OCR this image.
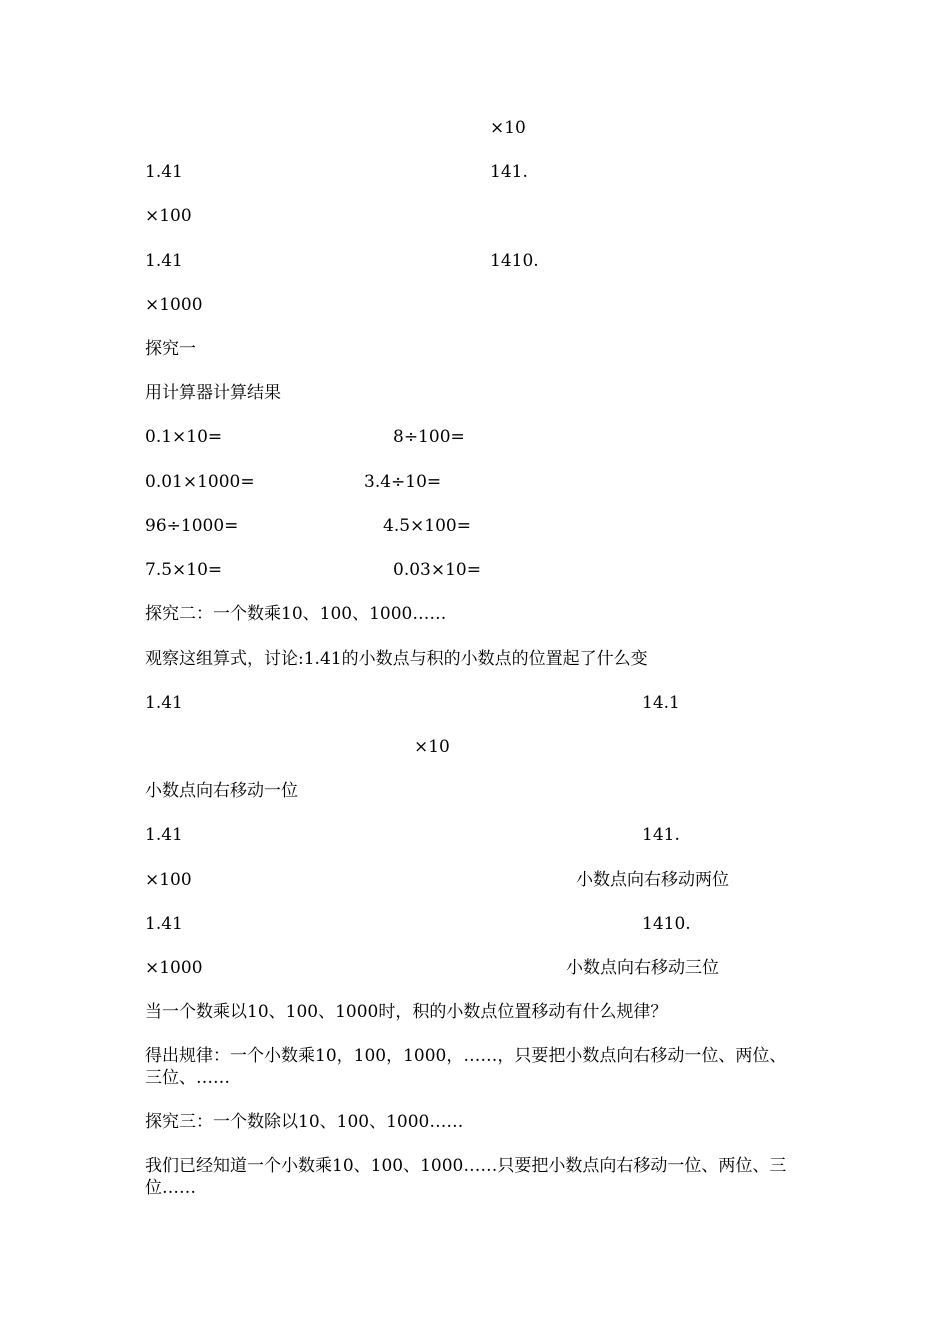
×10
1.41	141.
×100
1.41	1410.
×1000
探究一
用计算器计算结果
0.1×10=	8÷100=
0.01×1000=	3.4÷10=
96÷1000=	4.5×100=
7.5×10=	0.03×10=
探究二：一个数乘10、100、1000……
观察这组算式，讨论:1.41的小数点与积的小数点的位置起了什么变
1.41	14.1
×10
小数点向右移动一位
1.41	141.
×100	小数点向右移动两位
1.41	1410.
×1000	小数点向右移动三位
当一个数乘以10、100、1000时，积的小数点位置移动有什么规律？
得出规律：一个小数乘10，100，1000，……，只要把小数点向右移动一位、两位、三位、……
探究三：一个数除以10、100、1000……
我们已经知道一个小数乘10、100、1000……只要把小数点向右移动一位、两位、三位……
